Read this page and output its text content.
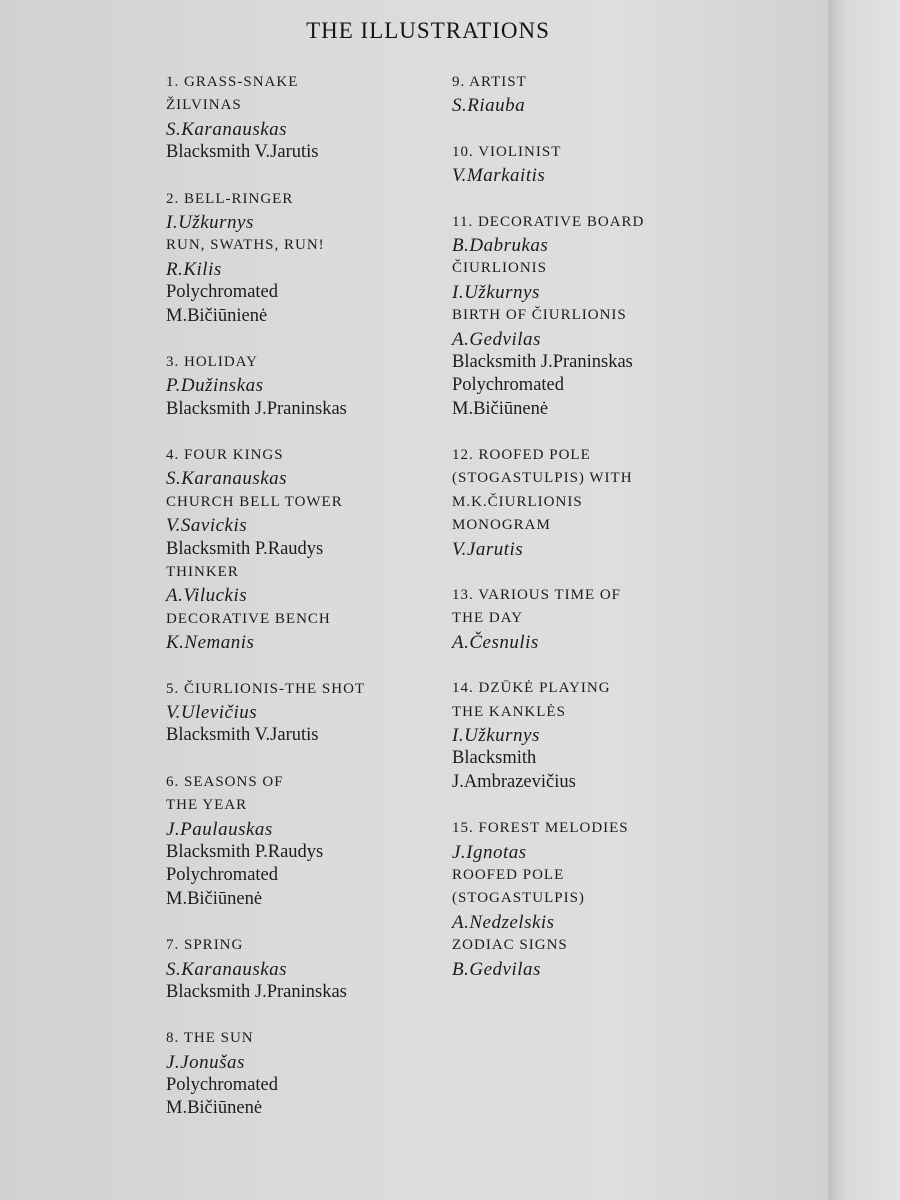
THE ILLUSTRATIONS
1. GRASS-SNAKE
ŽILVINAS
S.Karanauskas
Blacksmith V.Jarutis
2. BELL-RINGER
I.Užkurnys
RUN, SWATHS, RUN!
R.Kilis
Polychromated
M.Bičiūnienė
3. HOLIDAY
P.Dužinskas
Blacksmith J.Praninskas
4. FOUR KINGS
S.Karanauskas
CHURCH BELL TOWER
V.Savickis
Blacksmith P.Raudys
THINKER
A.Viluckis
DECORATIVE BENCH
K.Nemanis
5. ČIURLIONIS-THE SHOT
V.Ulevičius
Blacksmith V.Jarutis
6. SEASONS OF
THE YEAR
J.Paulauskas
Blacksmith P.Raudys
Polychromated
M.Bičiūnenė
7. SPRING
S.Karanauskas
Blacksmith J.Praninskas
8. THE SUN
J.Jonušas
Polychromated
M.Bičiūnenė
9. ARTIST
S.Riauba
10. VIOLINIST
V.Markaitis
11. DECORATIVE BOARD
B.Dabrukas
ČIURLIONIS
I.Užkurnys
BIRTH OF ČIURLIONIS
A.Gedvilas
Blacksmith J.Praninskas
Polychromated
M.Bičiūnenė
12. ROOFED POLE
(STOGASTULPIS) WITH
M.K.ČIURLIONIS
MONOGRAM
V.Jarutis
13. VARIOUS TIME OF
THE DAY
A.Česnulis
14. DZŪKĖ PLAYING
THE KANKLĖS
I.Užkurnys
Blacksmith
J.Ambrazevičius
15. FOREST MELODIES
J.Ignotas
ROOFED POLE
(STOGASTULPIS)
A.Nedzelskis
ZODIAC SIGNS
B.Gedvilas
